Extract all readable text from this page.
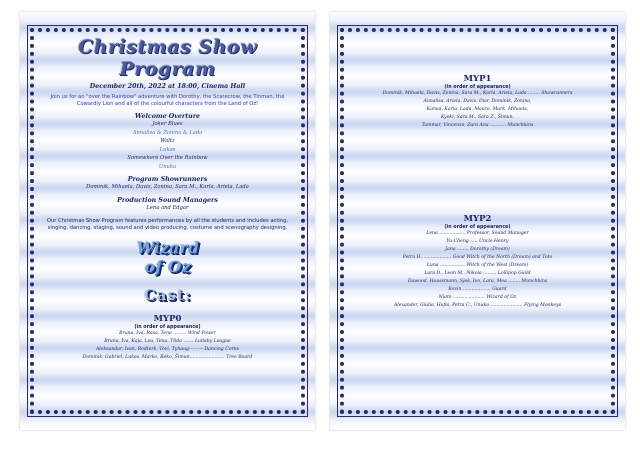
Christmas Show Program
December 20th, 2022 at 18:00, Cinema Hall
Join us for an "over the Rainbow" adventure with Dorothy, the Scarecrow, the Tinman, the Cowardly Lion and all of the colourful characters from the Land of Oz!
Welcome Overture
Joker Blues
Annalisa & Zonina & Lada
Waltz
Lukas
Somewhere Over the Rainbow
Unuka
Program Showrunners
Dominik, Mihaela, Davis, Zonina, Sara M., Karla, Ariela, Lada
Production Sound Managers
Lena and Edgar
Our Christmas Show Program features performances by all the students and includes acting, singing, dancing, staging, sound and video producing, costume and scenography designing.
Wizard
of Oz
Cast:
MYP0
(in order of appearance)
Bruna, Iva, Rasa, Tena ......... Wind Power
Bruna, Iva, Kaja, Lea, Tena, Tilda ....... Lullaby League
Aleksandar, Ivan, Rodterk, Tovi, Tyhaug--------- Dancing Corns
Dominik, Gabriel, Lukas, Marko, Reko, Šimun........................ Tree Board
MYP1
(in order of appearance)
Dominik, Mihaela, Davis, Zonina, Sara M., Karla, Ariela, Lada ........ Showrunners
Annalisa, Ariela, Davis, Diar, Dominik, Zonina,
Kamal, Karla, Lada, Mauro, Mark, Mihaela,
Kyoki, Sara M., Sara Z., Šimun,
Tammar, Vincenzo, Zara Ana ........... Munchkins
MYP2
(in order of appearance)
Lena .................. Professor, Sound Manager
Yu-Cheng ..... Uncle Henry
Jana ........ Dorothy (Dream)
Petra H. ................... Good Witch of the North (Dream) and Toto
Luna ................. Witch of the West (Dream)
Lara D., Leon M., Nikola ......... Lollipop Guild
Dawood, Haussmann, Sjek, Ivo, Lara, Mea ........ Munchkins
Kevin ................... Guard
Niani ...................... Wizard of Oz
Alexander, Giulia, Hafia, Petra C., Unuka ...................... Flying Monkeys
